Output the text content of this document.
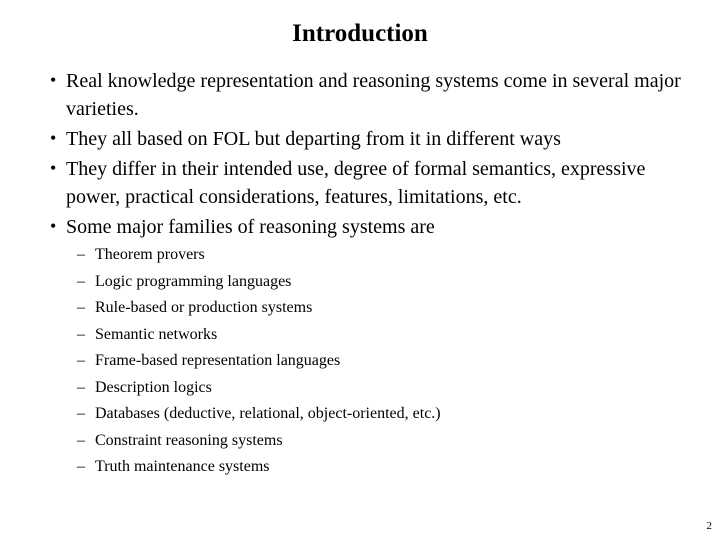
Introduction
• Real knowledge representation and reasoning systems come in several major varieties.
• They all based on FOL but departing from it in different ways
• They differ in their intended use, degree of formal semantics, expressive power, practical considerations, features, limitations, etc.
• Some major families of reasoning systems are
– Theorem provers
– Logic programming languages
– Rule-based or production systems
– Semantic networks
– Frame-based representation languages
– Description logics
– Databases (deductive, relational, object-oriented, etc.)
– Constraint reasoning systems
– Truth maintenance systems
2
